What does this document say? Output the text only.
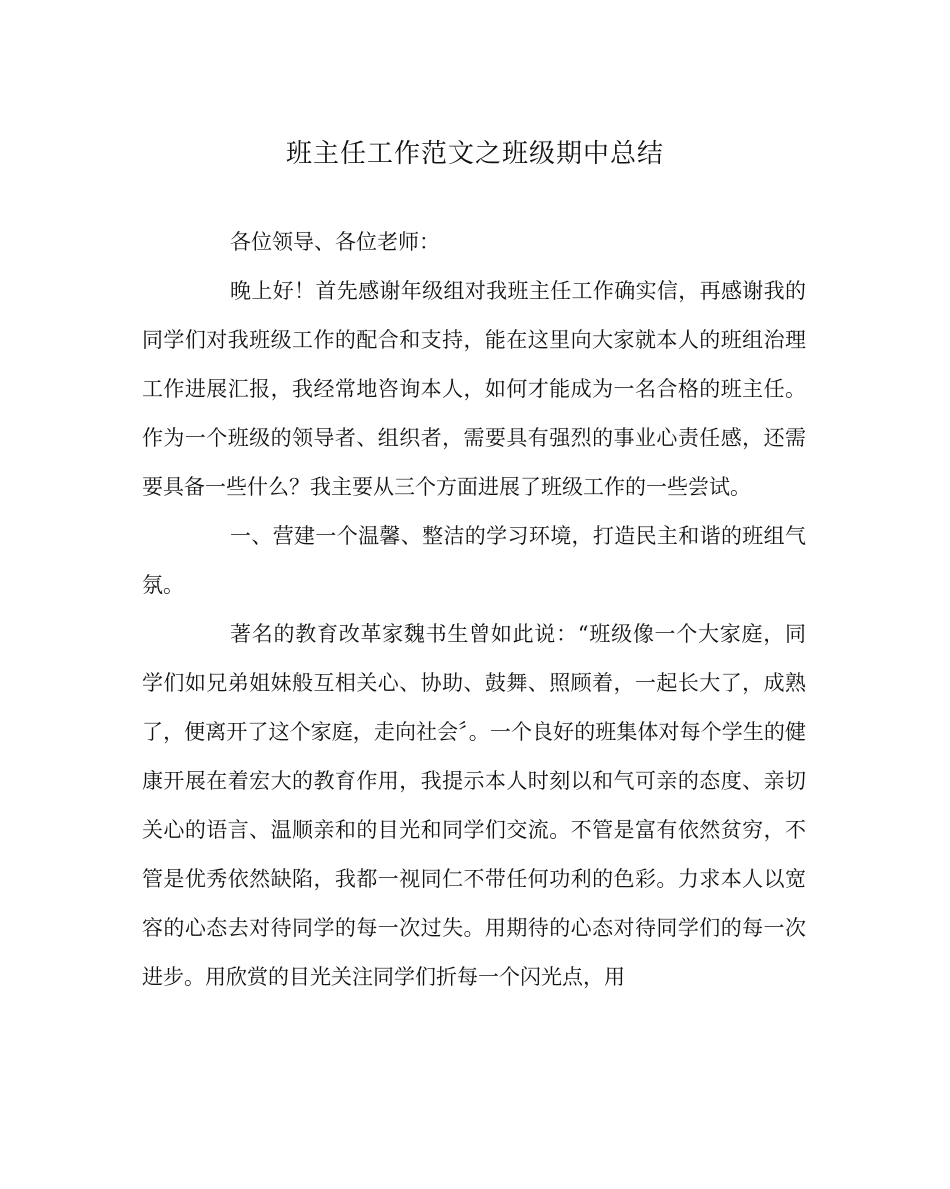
班主任工作范文之班级期中总结

各位领导、各位老师：

晚上好！首先感谢年级组对我班主任工作确实信，再感谢我的同学们对我班级工作的配合和支持，能在这里向大家就本人的班组治理工作进展汇报，我经常地咨询本人，如何才能成为一名合格的班主任。作为一个班级的领导者、组织者，需要具有强烈的事业心责任感，还需要具备一些什么？我主要从三个方面进展了班级工作的一些尝试。

一、营建一个温馨、整洁的学习环境，打造民主和谐的班组气氛。

著名的教育改革家魏书生曾如此说：“班级像一个大家庭，同学们如兄弟姐妹般互相关心、协助、鼓舞、照顾着，一起长大了，成熟了，便离开了这个家庭，走向社会〞。一个良好的班集体对每个学生的健康开展在着宏大的教育作用，我提示本人时刻以和气可亲的态度、亲切关心的语言、温顺亲和的目光和同学们交流。不管是富有依然贫穷，不管是优秀依然缺陷，我都一视同仁不带任何功利的色彩。力求本人以宽容的心态去对待同学的每一次过失。用期待的心态对待同学们的每一次进步。用欣赏的目光关注同学们折每一个闪光点，用
